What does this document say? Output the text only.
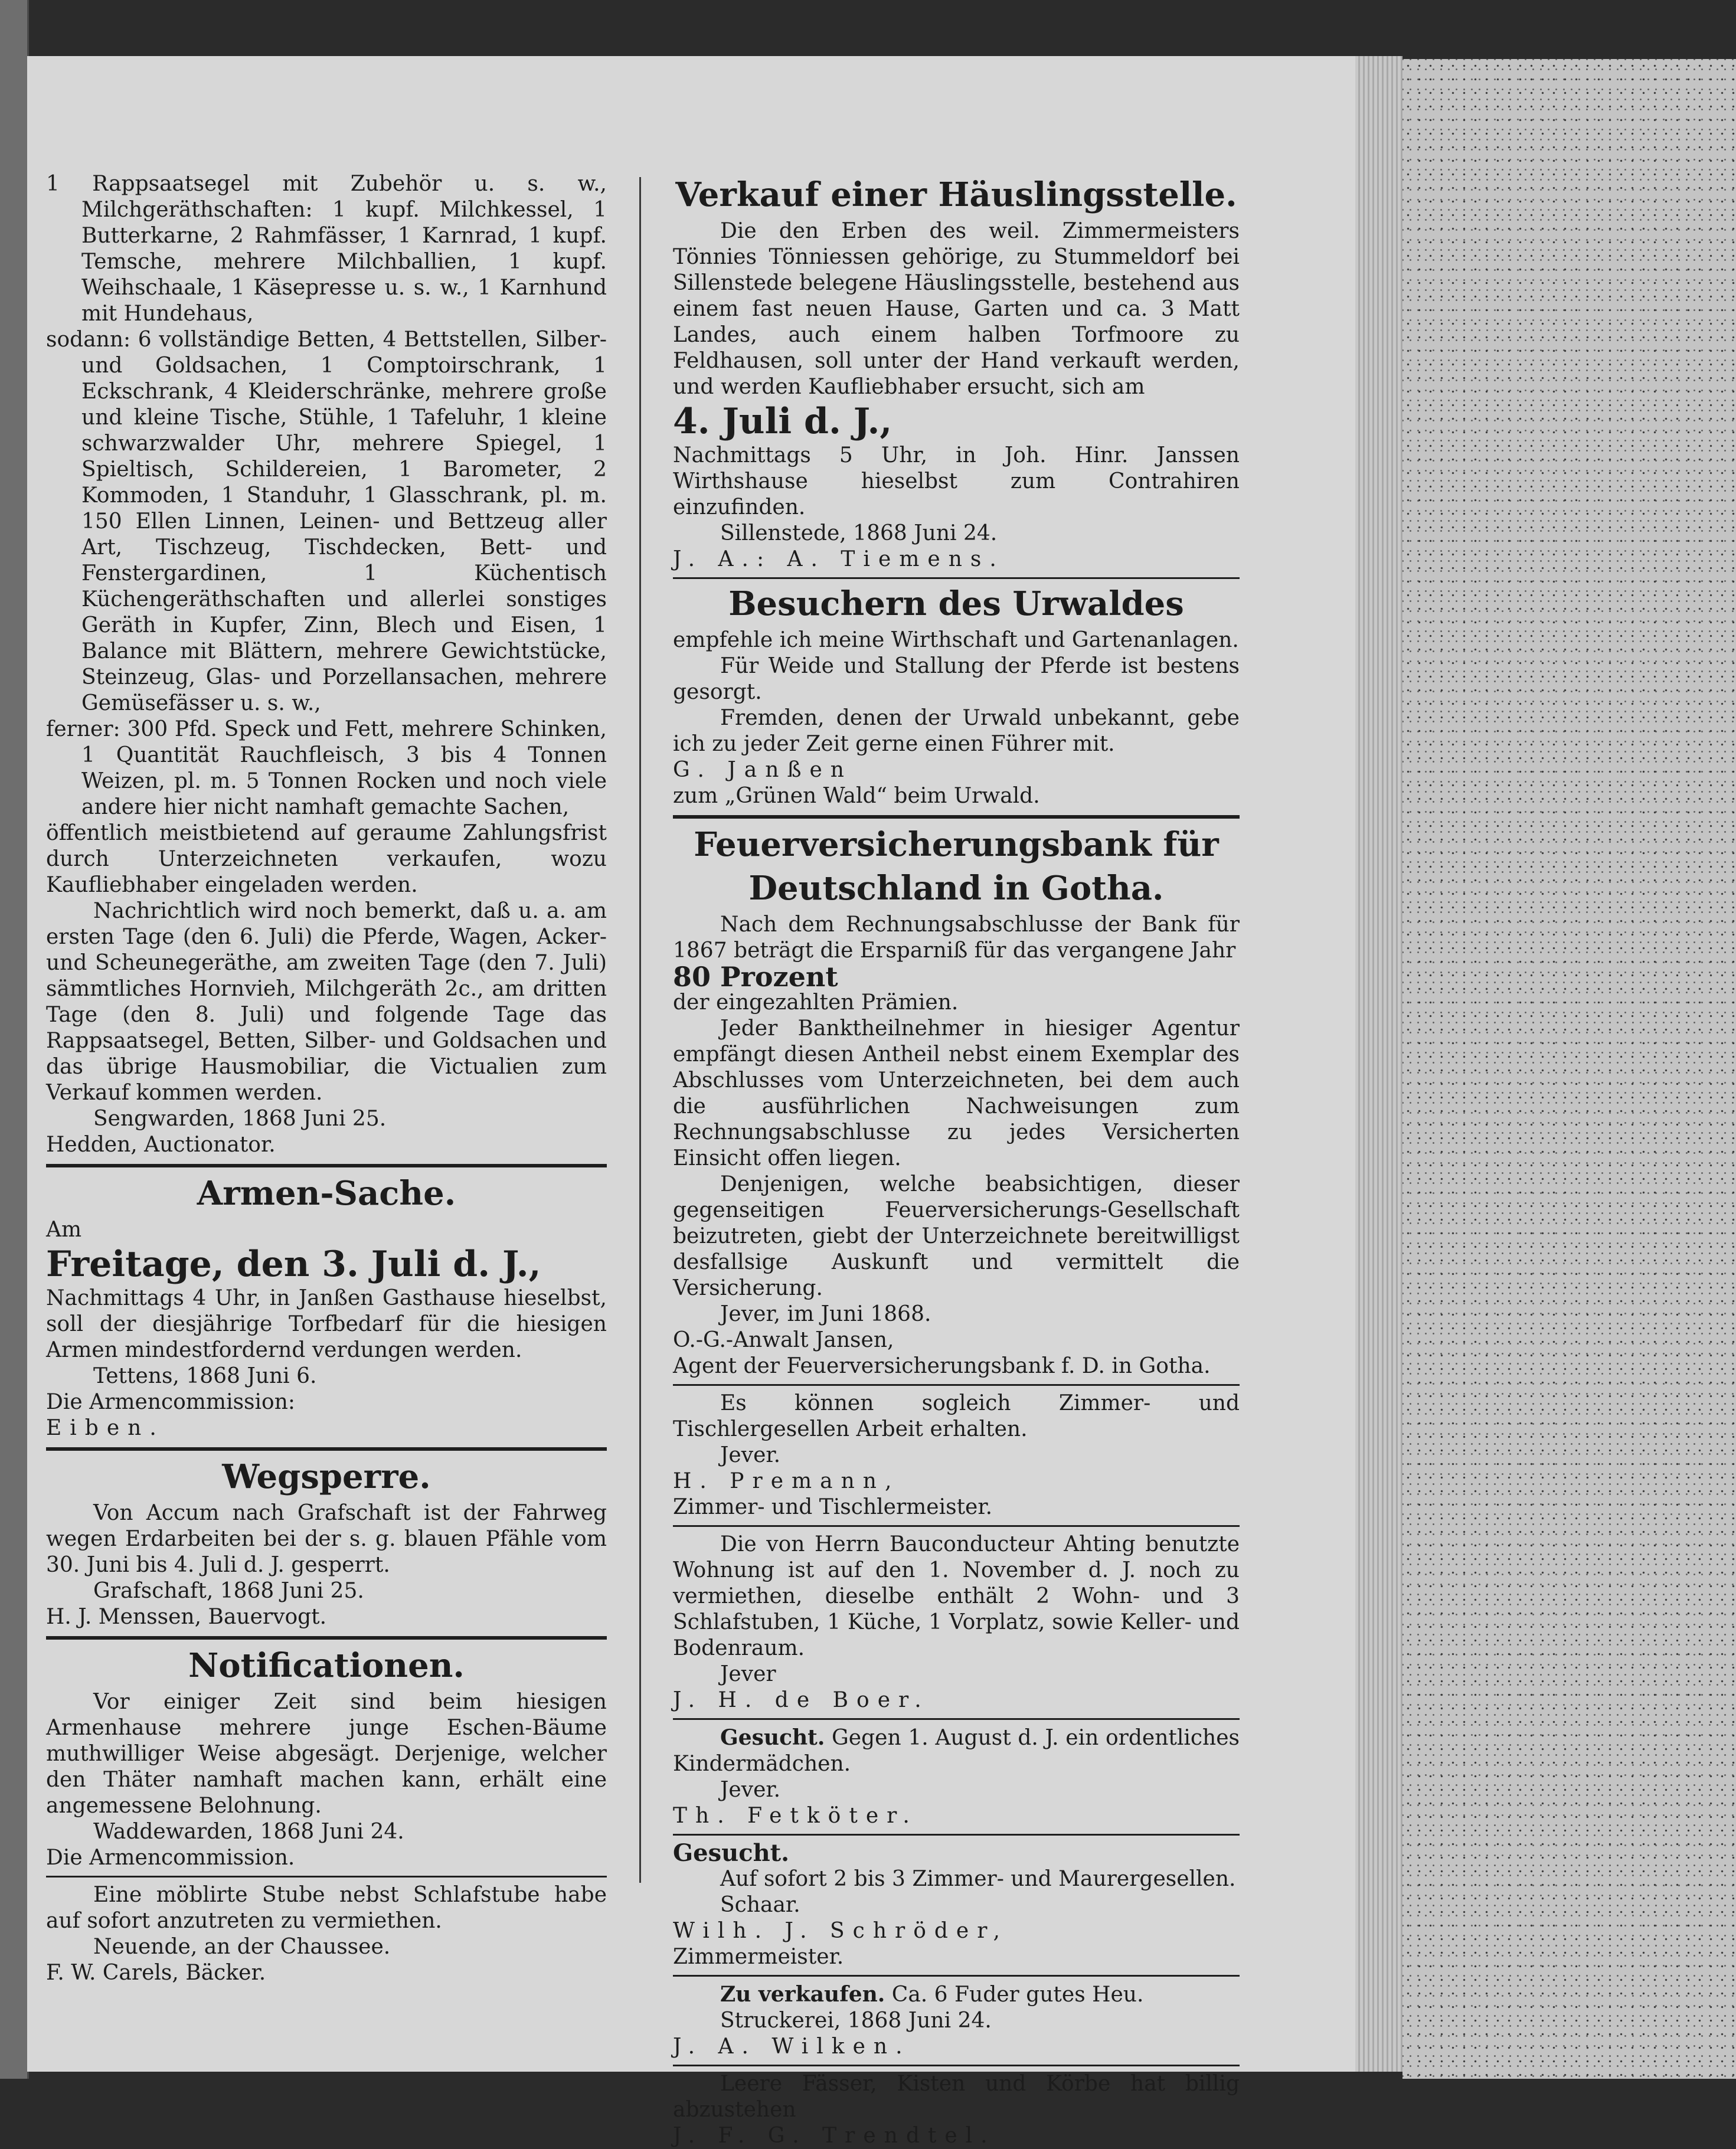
1 Rappsaatsegel mit Zubehör u. s. w., Milchgeräthschaften: 1 kupf. Milchkessel, 1 Butterkarne, 2 Rahmfässer, 1 Karnrad, 1 kupf. Temsche, mehrere Milchballien, 1 kupf. Weihschaale, 1 Käsepresse u. s. w., 1 Karnhund mit Hundehaus,

sodann: 6 vollständige Betten, 4 Bettstellen, Silber- und Goldsachen, 1 Comptoirschrank, 1 Eckschrank, 4 Kleiderschränke, mehrere große und kleine Tische, Stühle, 1 Tafeluhr, 1 kleine schwarzwalder Uhr, mehrere Spiegel, 1 Spieltisch, Schildereien, 1 Barometer, 2 Kommoden, 1 Standuhr, 1 Glasschrank, pl. m. 150 Ellen Linnen, Leinen- und Bettzeug aller Art, Tischzeug, Tischdecken, Bett- und Fenstergardinen, 1 Küchentisch Küchengeräthschaften und allerlei sonstiges Geräth in Kupfer, Zinn, Blech und Eisen, 1 Balance mit Blättern, mehrere Gewichtstücke, Steinzeug, Glas- und Porzellansachen, mehrere Gemüsefässer u. s. w.,

ferner: 300 Pfd. Speck und Fett, mehrere Schinken, 1 Quantität Rauchfleisch, 3 bis 4 Tonnen Weizen, pl. m. 5 Tonnen Rocken und noch viele andere hier nicht namhaft gemachte Sachen,

öffentlich meistbietend auf geraume Zahlungsfrist durch Unterzeichneten verkaufen, wozu Kaufliebhaber eingeladen werden.

Nachrichtlich wird noch bemerkt, daß u. a. am ersten Tage (den 6. Juli) die Pferde, Wagen, Acker- und Scheunegeräthe, am zweiten Tage (den 7. Juli) sämmtliches Hornvieh, Milchgeräth 2c., am dritten Tage (den 8. Juli) und folgende Tage das Rappsaatsegel, Betten, Silber- und Goldsachen und das übrige Hausmobiliar, die Victualien zum Verkauf kommen werden.

Sengwarden, 1868 Juni 25.

Hedden, Auctionator.

Armen-Sache.

Am

Freitage, den 3. Juli d. J.,

Nachmittags 4 Uhr, in Janßen Gasthause hieselbst, soll der diesjährige Torfbedarf für die hiesigen Armen mindestfordernd verdungen werden.

Tettens, 1868 Juni 6.

Die Armencommission:

Eiben.

Wegsperre.

Von Accum nach Grafschaft ist der Fahrweg wegen Erdarbeiten bei der s. g. blauen Pfähle vom 30. Juni bis 4. Juli d. J. gesperrt.

Grafschaft, 1868 Juni 25.

H. J. Menssen, Bauervogt.

Notificationen.

Vor einiger Zeit sind beim hiesigen Armenhause mehrere junge Eschen-Bäume muthwilliger Weise abgesägt. Derjenige, welcher den Thäter namhaft machen kann, erhält eine angemessene Belohnung.

Waddewarden, 1868 Juni 24.

Die Armencommission.

Eine möblirte Stube nebst Schlafstube habe auf sofort anzutreten zu vermiethen.

Neuende, an der Chaussee.

F. W. Carels, Bäcker.

Verkauf einer Häuslingsstelle.

Die den Erben des weil. Zimmermeisters Tönnies Tönniessen gehörige, zu Stummeldorf bei Sillenstede belegene Häuslingsstelle, bestehend aus einem fast neuen Hause, Garten und ca. 3 Matt Landes, auch einem halben Torfmoore zu Feldhausen, soll unter der Hand verkauft werden, und werden Kaufliebhaber ersucht, sich am

4. Juli d. J.,

Nachmittags 5 Uhr, in Joh. Hinr. Janssen Wirthshause hieselbst zum Contrahiren einzufinden.

Sillenstede, 1868 Juni 24.

J. A.: A. Tiemens.

Besuchern des Urwaldes

empfehle ich meine Wirthschaft und Gartenanlagen.

Für Weide und Stallung der Pferde ist bestens gesorgt.

Fremden, denen der Urwald unbekannt, gebe ich zu jeder Zeit gerne einen Führer mit.

G. Janßen

zum „Grünen Wald“ beim Urwald.

Feuerversicherungsbank für
Deutschland in Gotha.

Nach dem Rechnungsabschlusse der Bank für 1867 beträgt die Ersparniß für das vergangene Jahr

80 Prozent

der eingezahlten Prämien.

Jeder Banktheilnehmer in hiesiger Agentur empfängt diesen Antheil nebst einem Exemplar des Abschlusses vom Unterzeichneten, bei dem auch die ausführlichen Nachweisungen zum Rechnungsabschlusse zu jedes Versicherten Einsicht offen liegen.

Denjenigen, welche beabsichtigen, dieser gegenseitigen Feuerversicherungs-Gesellschaft beizutreten, giebt der Unterzeichnete bereitwilligst desfallsige Auskunft und vermittelt die Versicherung.

Jever, im Juni 1868.

O.-G.-Anwalt Jansen,

Agent der Feuerversicherungsbank f. D. in Gotha.

Es können sogleich Zimmer- und Tischlergesellen Arbeit erhalten.

Jever.

H. Premann,

Zimmer- und Tischlermeister.

Die von Herrn Bauconducteur Ahting benutzte Wohnung ist auf den 1. November d. J. noch zu vermiethen, dieselbe enthält 2 Wohn- und 3 Schlafstuben, 1 Küche, 1 Vorplatz, sowie Keller- und Bodenraum.

Jever

J. H. de Boer.

Gesucht. Gegen 1. August d. J. ein ordentliches Kindermädchen.

Jever.

Th. Fetköter.

Gesucht.

Auf sofort 2 bis 3 Zimmer- und Maurergesellen.

Schaar.

Wilh. J. Schröder,

Zimmermeister.

Zu verkaufen. Ca. 6 Fuder gutes Heu.

Struckerei, 1868 Juni 24.

J. A. Wilken.

Leere Fässer, Kisten und Körbe hat billig abzustehen

J. F. G. Trendtel.
